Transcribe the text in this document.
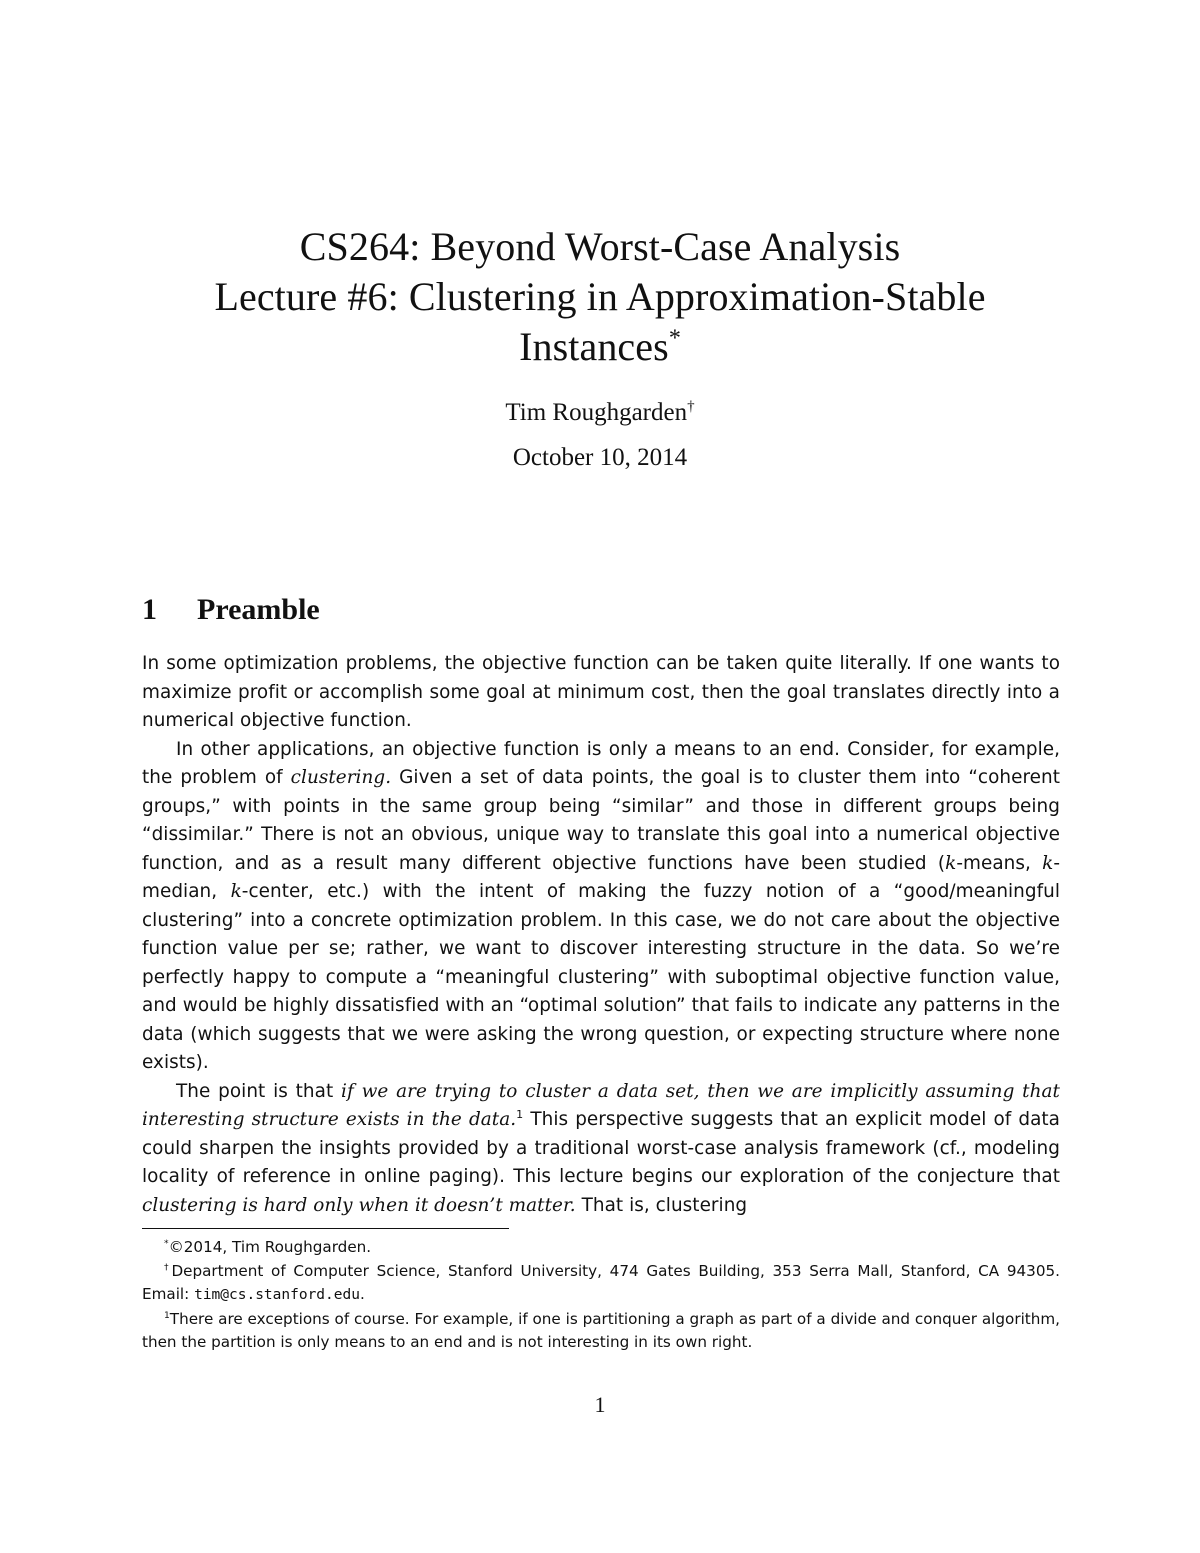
CS264: Beyond Worst-Case Analysis
Lecture #6: Clustering in Approximation-Stable
Instances*
Tim Roughgarden†
October 10, 2014
1 Preamble

In some optimization problems, the objective function can be taken quite literally. If one wants to maximize profit or accomplish some goal at minimum cost, then the goal translates directly into a numerical objective function.

In other applications, an objective function is only a means to an end. Consider, for example, the problem of clustering. Given a set of data points, the goal is to cluster them into “coherent groups,” with points in the same group being “similar” and those in different groups being “dissimilar.” There is not an obvious, unique way to translate this goal into a numerical objective function, and as a result many different objective functions have been studied (k-means, k-median, k-center, etc.) with the intent of making the fuzzy notion of a “good/meaningful clustering” into a concrete optimization problem. In this case, we do not care about the objective function value per se; rather, we want to discover interesting structure in the data. So we’re perfectly happy to compute a “meaningful clustering” with suboptimal objective function value, and would be highly dissatisfied with an “optimal solution” that fails to indicate any patterns in the data (which suggests that we were asking the wrong question, or expecting structure where none exists).

The point is that if we are trying to cluster a data set, then we are implicitly assuming that interesting structure exists in the data.$^1$ This perspective suggests that an explicit model of data could sharpen the insights provided by a traditional worst-case analysis framework (cf., modeling locality of reference in online paging). This lecture begins our exploration of the conjecture that clustering is hard only when it doesn’t matter. That is, clustering

*©2014, Tim Roughgarden.

†Department of Computer Science, Stanford University, 474 Gates Building, 353 Serra Mall, Stanford, CA 94305. Email: tim@cs.stanford.edu.

$^1$There are exceptions of course. For example, if one is partitioning a graph as part of a divide and conquer algorithm, then the partition is only means to an end and is not interesting in its own right.

1
